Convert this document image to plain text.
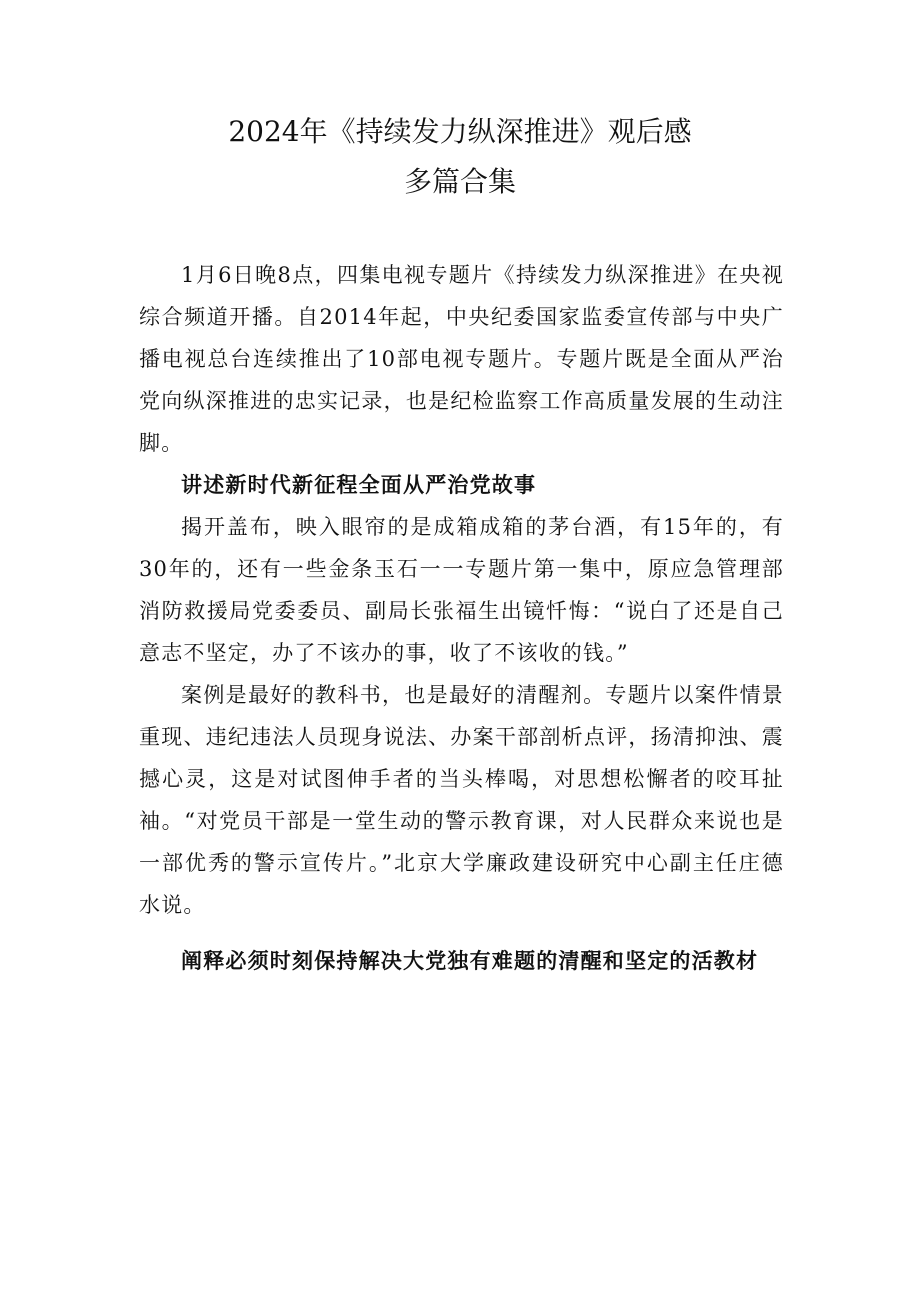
2024年《持续发力纵深推进》观后感
多篇合集

1月6日晚8点，四集电视专题片《持续发力纵深推进》在央视综合频道开播。自2014年起，中央纪委国家监委宣传部与中央广播电视总台连续推出了10部电视专题片。专题片既是全面从严治党向纵深推进的忠实记录，也是纪检监察工作高质量发展的生动注脚。

讲述新时代新征程全面从严治党故事

揭开盖布，映入眼帘的是成箱成箱的茅台酒，有15年的，有30年的，还有一些金条玉石一一专题片第一集中，原应急管理部消防救援局党委委员、副局长张福生出镜忏悔：“说白了还是自己意志不坚定，办了不该办的事，收了不该收的钱。”

案例是最好的教科书，也是最好的清醒剂。专题片以案件情景重现、违纪违法人员现身说法、办案干部剖析点评，扬清抑浊、震撼心灵，这是对试图伸手者的当头棒喝，对思想松懈者的咬耳扯袖。“对党员干部是一堂生动的警示教育课，对人民群众来说也是一部优秀的警示宣传片。”北京大学廉政建设研究中心副主任庄德水说。

阐释必须时刻保持解决大党独有难题的清醒和坚定的活教材
